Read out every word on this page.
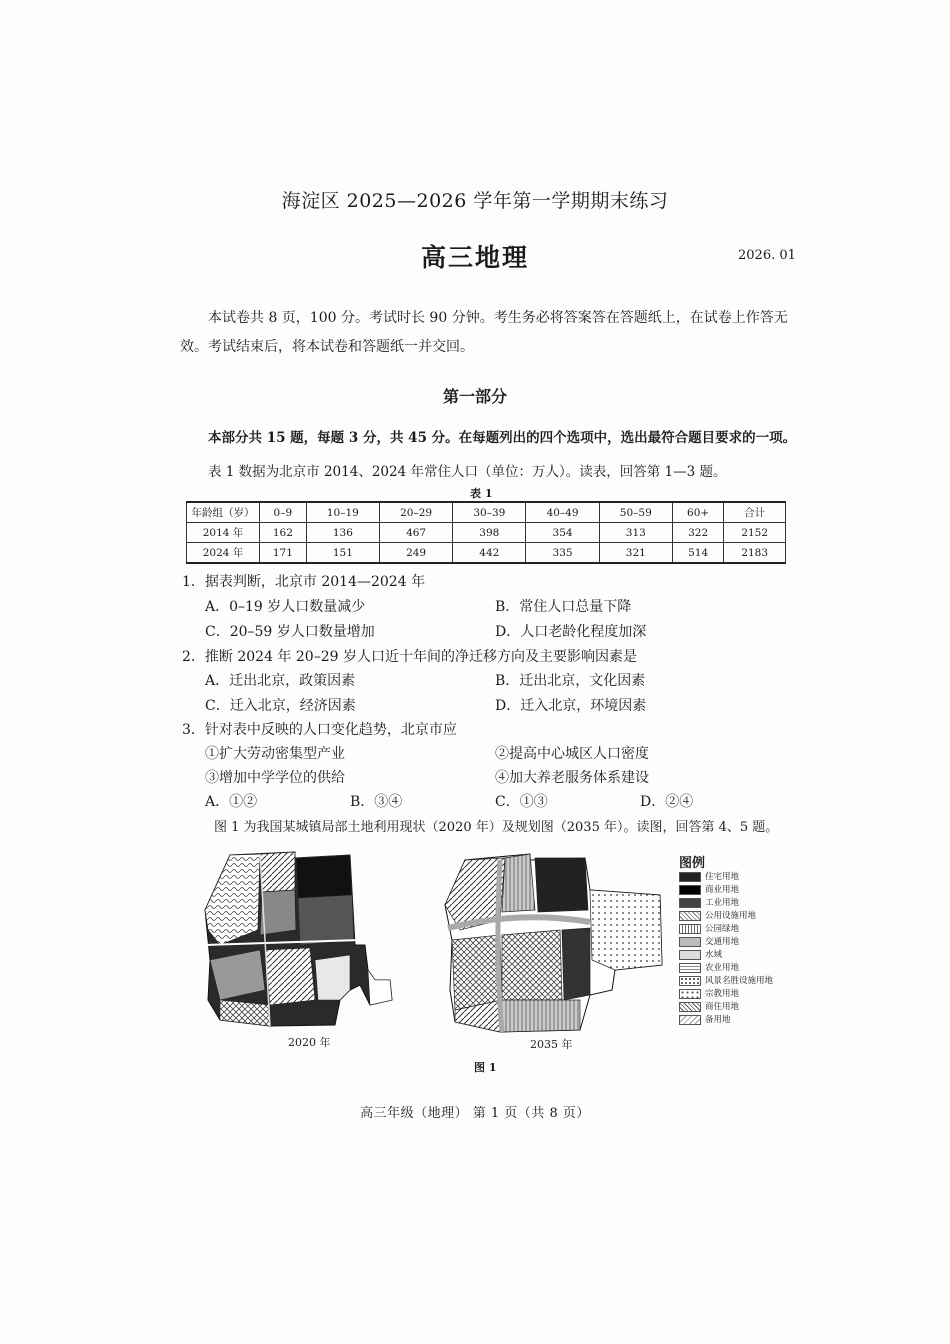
海淀区 2025—2026 学年第一学期期末练习
高三地理	2026. 01
本试卷共 8 页，100 分。考试时长 90 分钟。考生务必将答案答在答题纸上，在试卷上作答无效。考试结束后，将本试卷和答题纸一并交回。
第一部分
本部分共 15 题，每题 3 分，共 45 分。在每题列出的四个选项中，选出最符合题目要求的一项。
表 1 数据为北京市 2014、2024 年常住人口（单位：万人）。读表，回答第 1—3 题。
表 1
年龄组（岁）	0–9	10–19	20–29	30–39	40–49	50–59	60+	合计
2014 年	162	136	467	398	354	313	322	2152
2024 年	171	151	249	442	335	321	514	2183
1．据表判断，北京市 2014—2024 年
A．0–19 岁人口数量减少	B．常住人口总量下降
C．20–59 岁人口数量增加	D．人口老龄化程度加深
2．推断 2024 年 20–29 岁人口近十年间的净迁移方向及主要影响因素是
A．迁出北京，政策因素	B．迁出北京，文化因素
C．迁入北京，经济因素	D．迁入北京，环境因素
3．针对表中反映的人口变化趋势，北京市应
①扩大劳动密集型产业	②提高中心城区人口密度
③增加中学学位的供给	④加大养老服务体系建设
A．①②	B．③④	C．①③	D．②④
图 1 为我国某城镇局部土地利用现状（2020 年）及规划图（2035 年）。读图，回答第 4、5 题。
2020 年	2035 年
图例
住宅用地
商业用地
工业用地
公用设施用地
公园绿地
交通用地
水域
农业用地
风景名胜设施用地
宗教用地
商住用地
备用地
图 1
高三年级（地理） 第 1 页（共 8 页）
